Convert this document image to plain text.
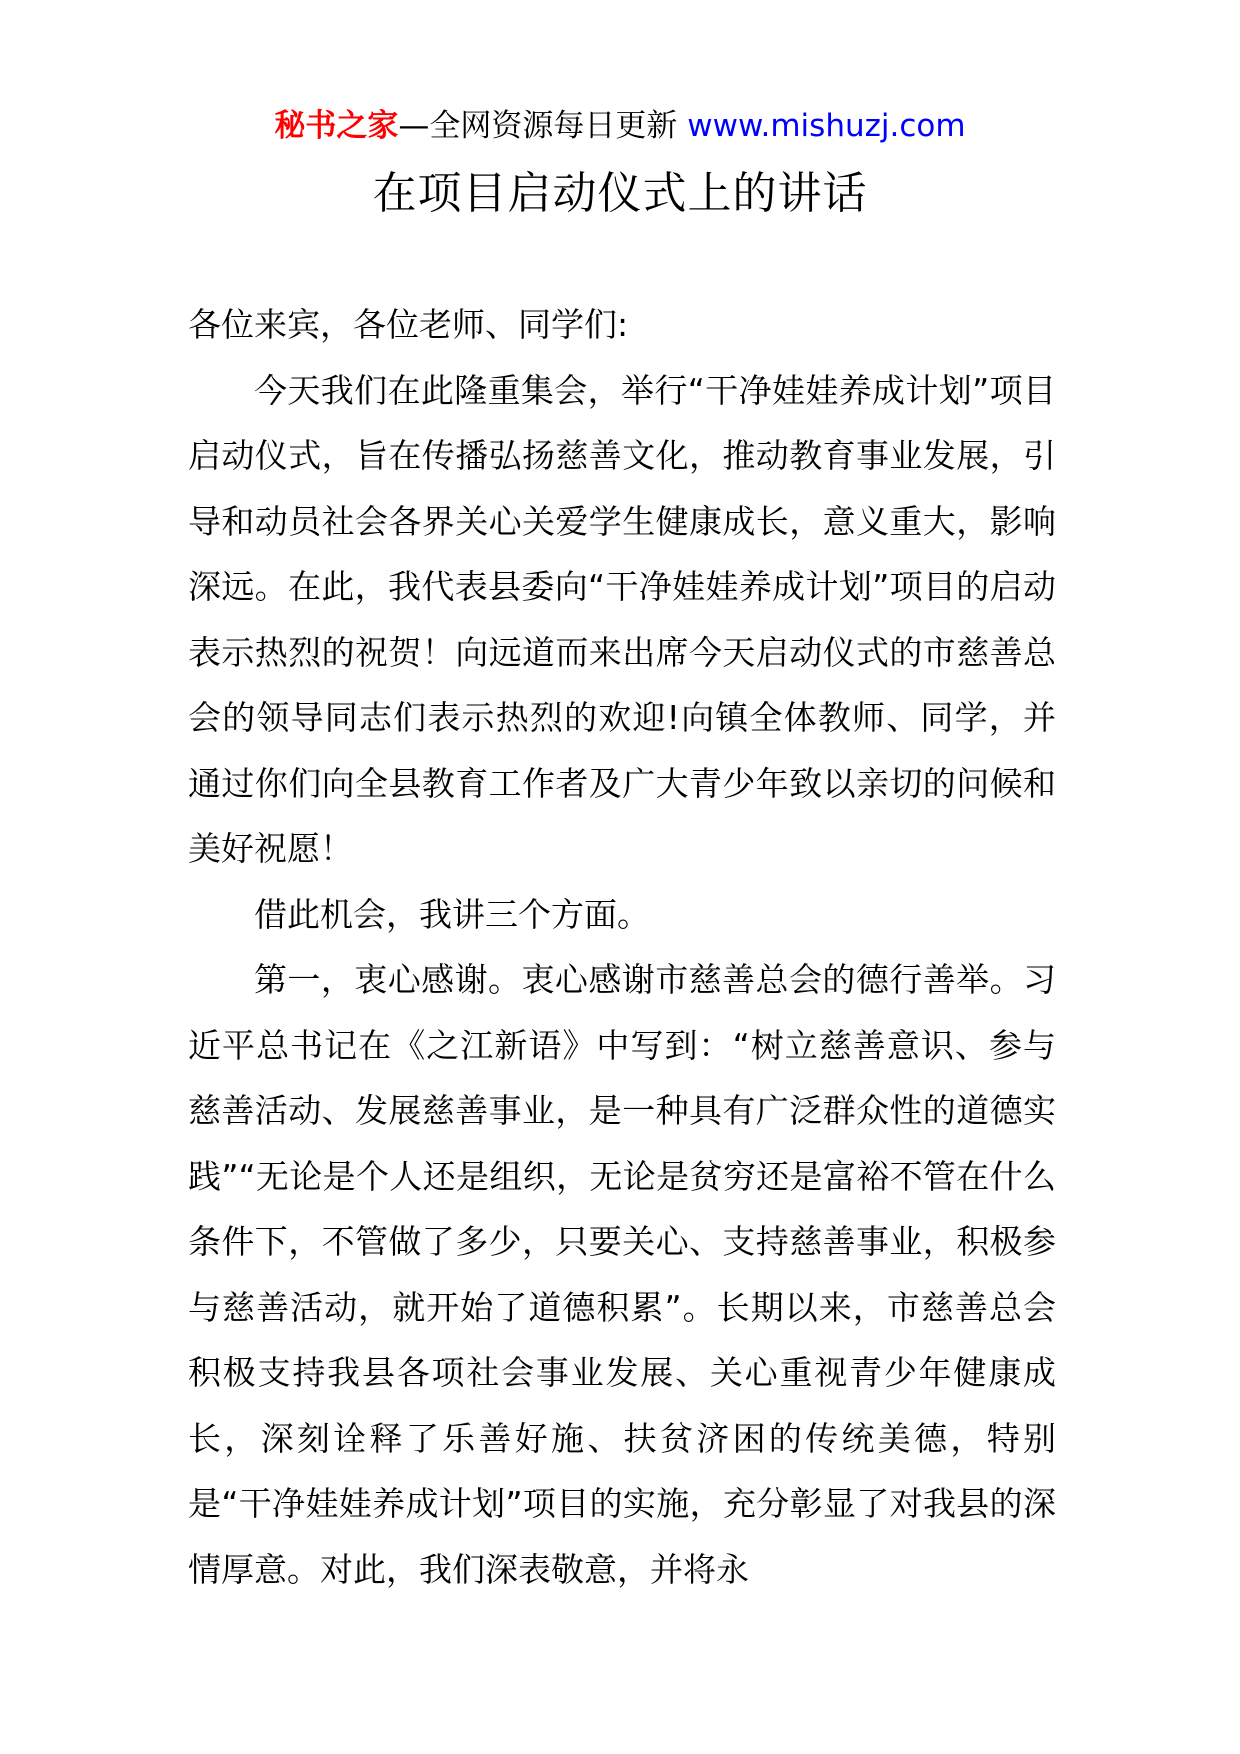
秘书之家—全网资源每日更新 www.mishuzj.com
在项目启动仪式上的讲话

各位来宾，各位老师、同学们:

今天我们在此隆重集会，举行“干净娃娃养成计划”项目启动仪式，旨在传播弘扬慈善文化，推动教育事业发展，引导和动员社会各界关心关爱学生健康成长，意义重大，影响深远。在此，我代表县委向“干净娃娃养成计划”项目的启动表示热烈的祝贺！向远道而来出席今天启动仪式的市慈善总会的领导同志们表示热烈的欢迎!向镇全体教师、同学，并通过你们向全县教育工作者及广大青少年致以亲切的问候和美好祝愿！

借此机会，我讲三个方面。

第一，衷心感谢。衷心感谢市慈善总会的德行善举。习近平总书记在《之江新语》中写到：“树立慈善意识、参与慈善活动、发展慈善事业，是一种具有广泛群众性的道德实践”“无论是个人还是组织，无论是贫穷还是富裕不管在什么条件下，不管做了多少，只要关心、支持慈善事业，积极参与慈善活动，就开始了道德积累”。长期以来，市慈善总会积极支持我县各项社会事业发展、关心重视青少年健康成长，深刻诠释了乐善好施、扶贫济困的传统美德，特别是“干净娃娃养成计划”项目的实施，充分彰显了对我县的深情厚意。对此，我们深表敬意，并将永
